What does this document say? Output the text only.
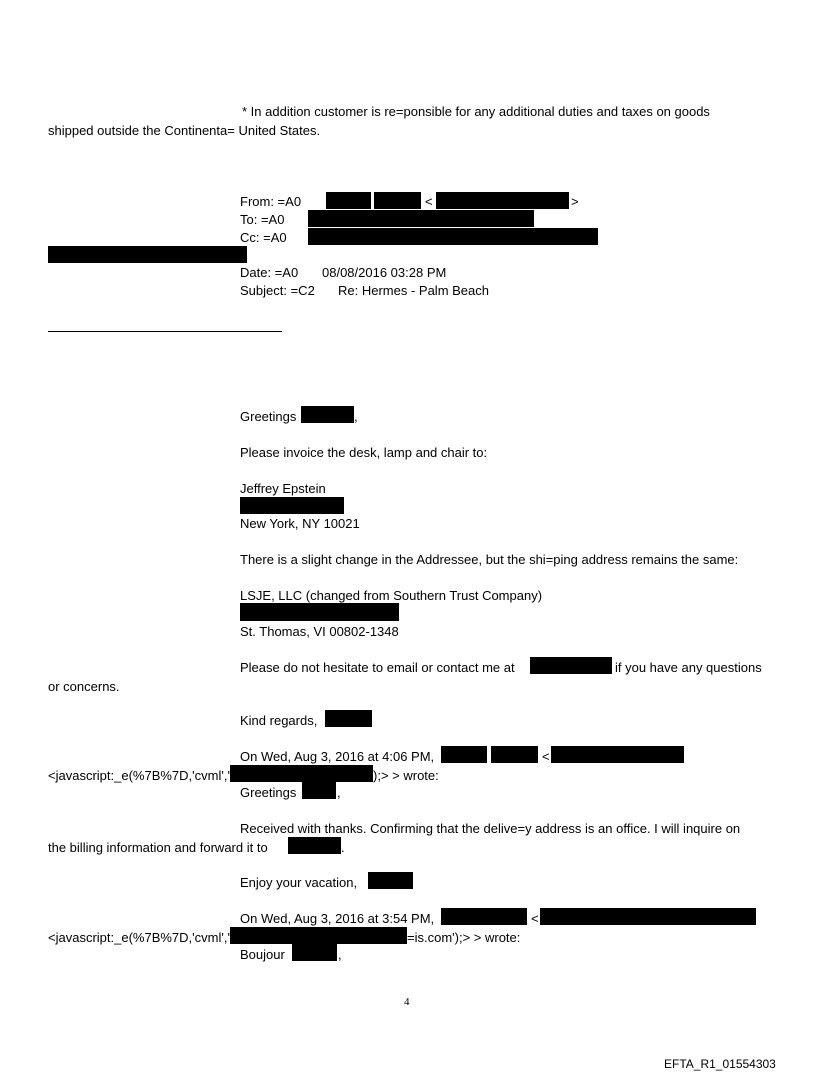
* In addition customer is re=ponsible for any additional duties and taxes on goods
shipped outside the Continenta= United States.
From: =A0	<	>
To: =A0
Cc: =A0
Date: =A0 08/08/2016 03:28 PM
Subject: =C2 Re: Hermes - Palm Beach
Greetings	,
Please invoice the desk, lamp and chair to:
Jeffrey Epstein
New York, NY 10021
There is a slight change in the Addressee, but the shi=ping address remains the same:
LSJE, LLC (changed from Southern Trust Company)
St. Thomas, VI 00802-1348
Please do not hesitate to email or contact me at	if you have any questions
or concerns.
Kind regards,
On Wed, Aug 3, 2016 at 4:06 PM,	<
<javascript:_e(%7B%7D,'cvml','	);> > wrote:
Greetings	,
Received with thanks. Confirming that the delive=y address is an office. I will inquire on
the billing information and forward it to	.
Enjoy your vacation,
On Wed, Aug 3, 2016 at 3:54 PM,	<
<javascript:_e(%7B%7D,'cvml','	=is.com');> > wrote:
Boujour	,
4
EFTA_R1_01554303
